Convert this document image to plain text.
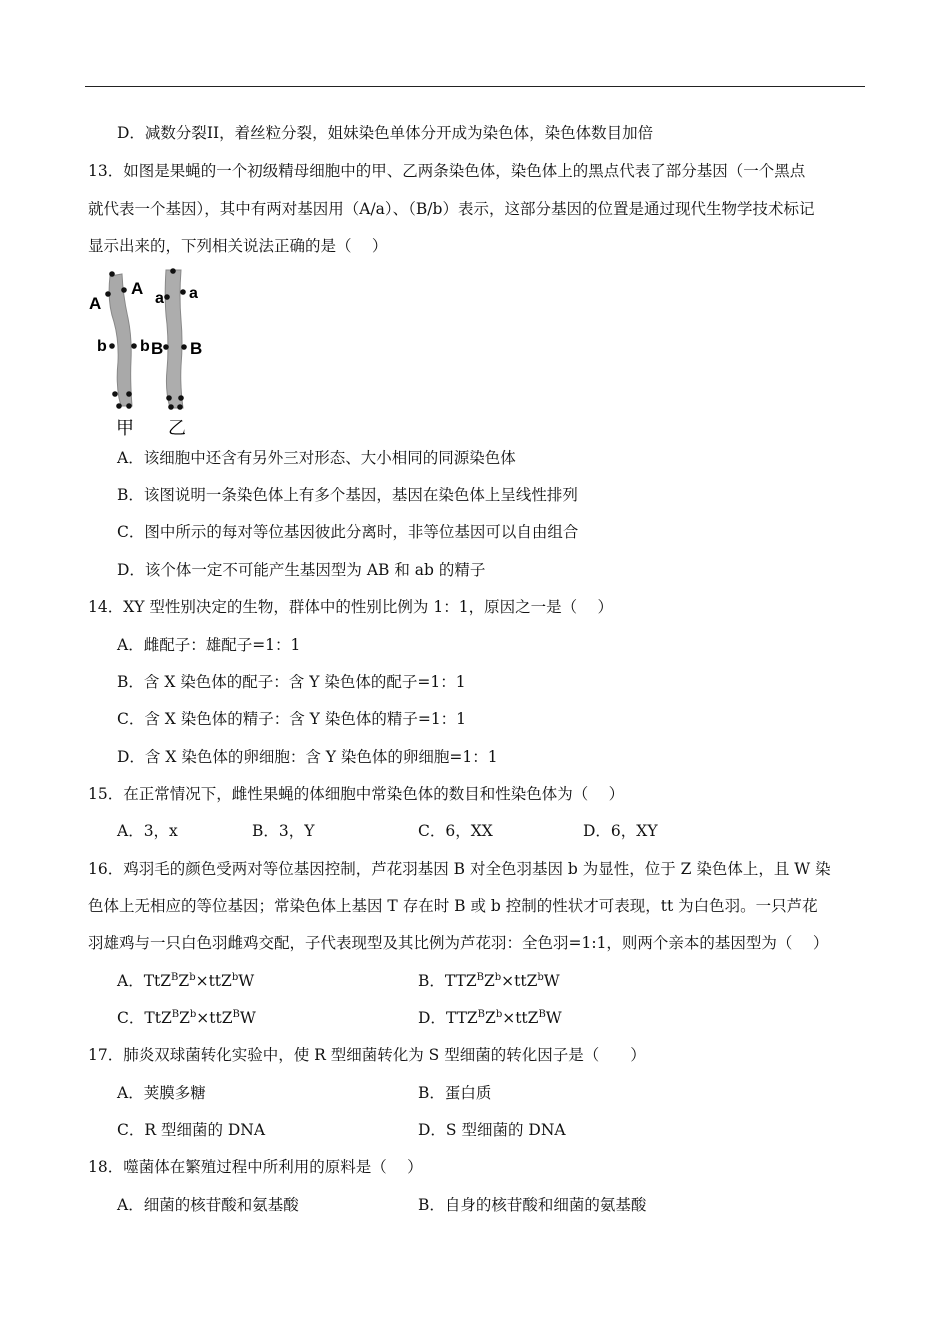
D．减数分裂II，着丝粒分裂，姐妹染色单体分开成为染色体，染色体数目加倍
13．如图是果蝇的一个初级精母细胞中的甲、乙两条染色体，染色体上的黑点代表了部分基因（一个黑点
就代表一个基因），其中有两对基因用（A/a）、（B/b）表示，这部分基因的位置是通过现代生物学技术标记
显示出来的，下列相关说法正确的是（　 ）
A
A
b b
a a
B B
甲 乙
A．该细胞中还含有另外三对形态、大小相同的同源染色体
B．该图说明一条染色体上有多个基因，基因在染色体上呈线性排列
C．图中所示的每对等位基因彼此分离时，非等位基因可以自由组合
D．该个体一定不可能产生基因型为 AB 和 ab 的精子
14．XY 型性别决定的生物，群体中的性别比例为 1：1，原因之一是（　 ）
A．雌配子：雄配子=1：1
B．含 X 染色体的配子：含 Y 染色体的配子=1：1
C．含 X 染色体的精子：含 Y 染色体的精子=1：1
D．含 X 染色体的卵细胞：含 Y 染色体的卵细胞=1：1
15．在正常情况下，雌性果蝇的体细胞中常染色体的数目和性染色体为（　 ）
A．3，x	B．3，Y	C．6，XX	D．6，XY
16．鸡羽毛的颜色受两对等位基因控制，芦花羽基因 B 对全色羽基因 b 为显性，位于 Z 染色体上，且 W 染
色体上无相应的等位基因；常染色体上基因 T 存在时 B 或 b 控制的性状才可表现，tt 为白色羽。一只芦花
羽雄鸡与一只白色羽雌鸡交配，子代表现型及其比例为芦花羽：全色羽=1:1，则两个亲本的基因型为（　 ）
A．$TtZ^BZ^b\times ttZ^bW$	B．$TTZ^BZ^b\times ttZ^bW$
C．$TtZ^BZ^b\times ttZ^BW$	D．$TTZ^BZ^b\times ttZ^BW$
17．肺炎双球菌转化实验中，使 R 型细菌转化为 S 型细菌的转化因子是（　　）
A．荚膜多糖	B．蛋白质
C．R 型细菌的 DNA	D．S 型细菌的 DNA
18．噬菌体在繁殖过程中所利用的原料是（　 ）
A．细菌的核苷酸和氨基酸	B．自身的核苷酸和细菌的氨基酸
